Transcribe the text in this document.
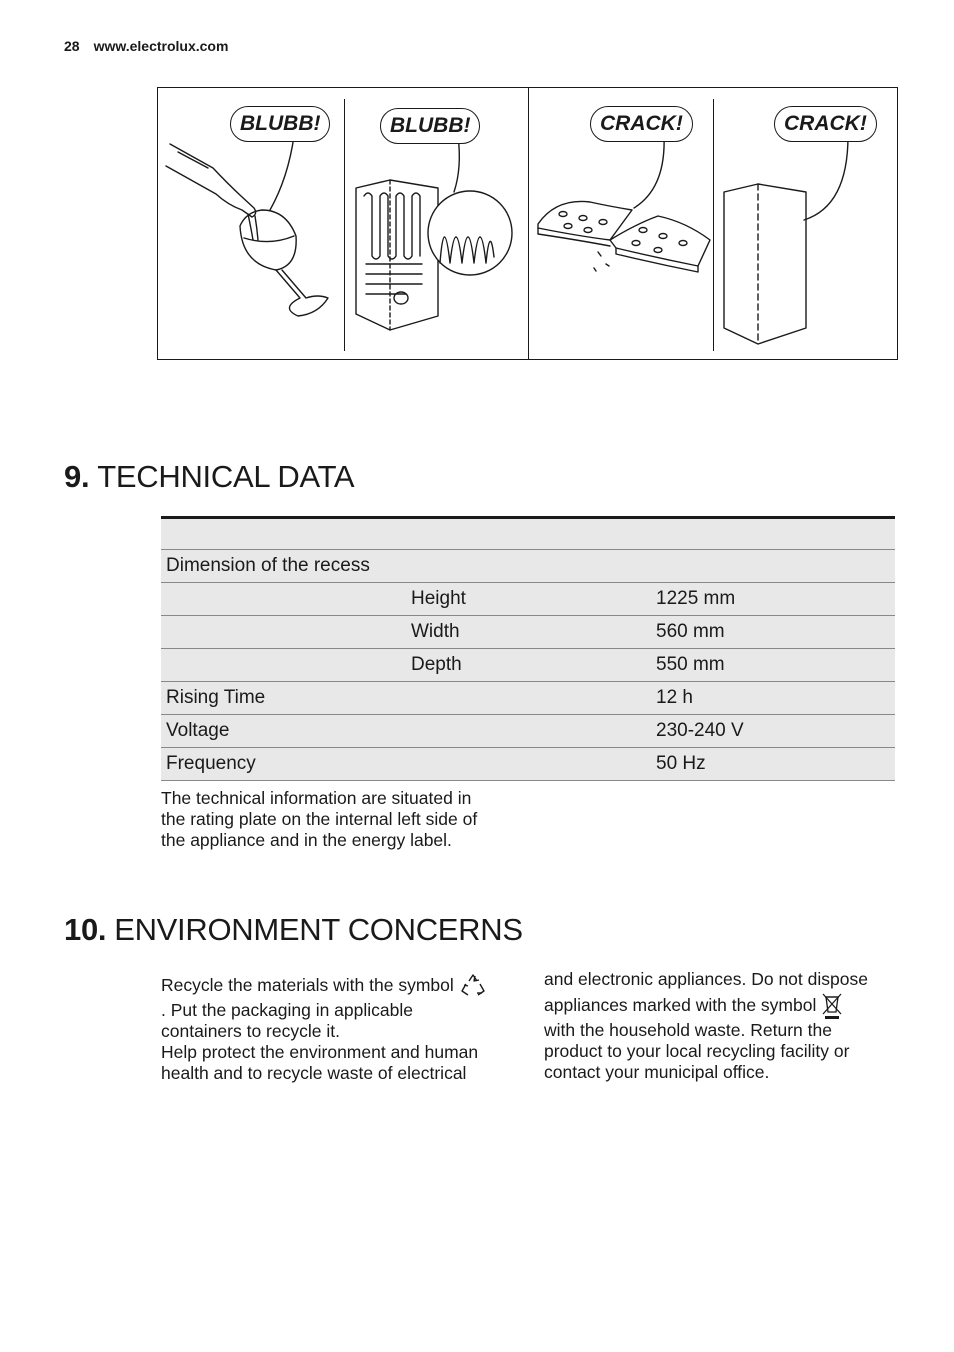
28 www.electrolux.com
BLUBB!	BLUBB!	CRACK!	CRACK!
9. TECHNICAL DATA

Dimension of the recess		
	Height	1225 mm
	Width	560 mm
	Depth	550 mm
Rising Time		12 h
Voltage		230-240 V
Frequency		50 Hz
The technical information are situated in
the rating plate on the internal left side of
the appliance and in the energy label.
10. ENVIRONMENT CONCERNS
Recycle the materials with the symbol
. Put the packaging in applicable
containers to recycle it.
Help protect the environment and human
health and to recycle waste of electrical
and electronic appliances. Do not dispose
appliances marked with the symbol
with the household waste. Return the
product to your local recycling facility or
contact your municipal office.
